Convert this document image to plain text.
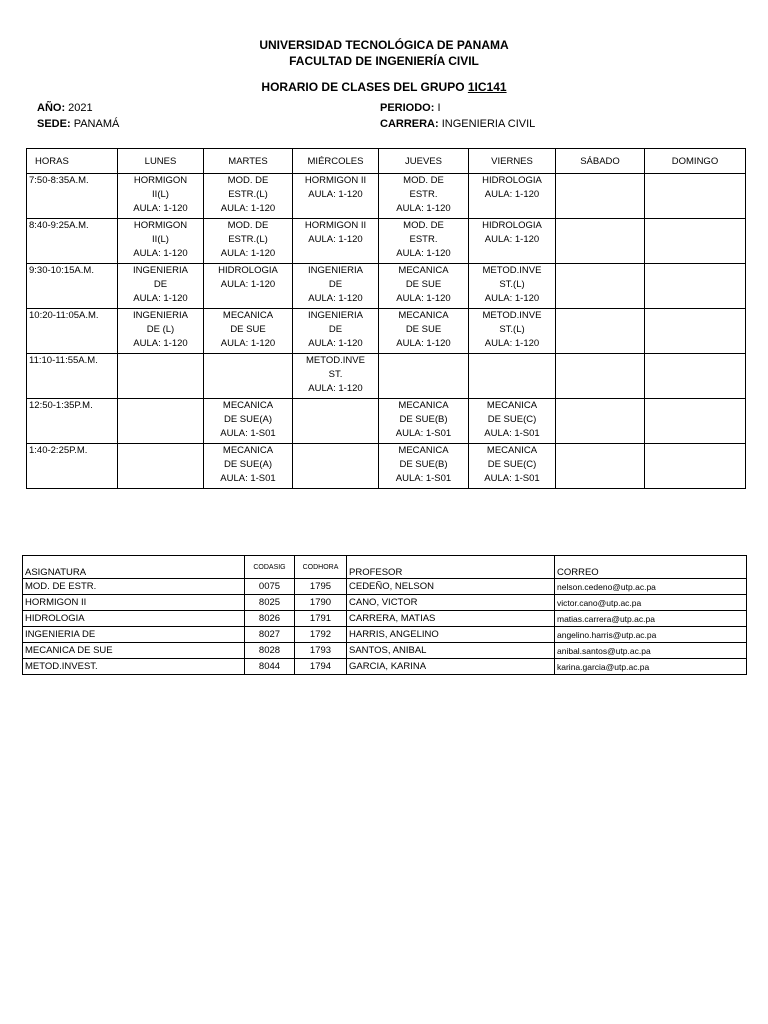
UNIVERSIDAD TECNOLÓGICA DE PANAMA
FACULTAD DE INGENIERÍA CIVIL
HORARIO DE CLASES DEL GRUPO 1IC141
AÑO: 2021
SEDE: PANAMÁ
PERIODO: I
CARRERA: INGENIERIA CIVIL
HORAS	LUNES	MARTES	MIÉRCOLES	JUEVES	VIERNES	SÁBADO	DOMINGO
7:50-8:35A.M.	HORMIGON
II(L)
AULA: 1-120	MOD. DE
ESTR.(L)
AULA: 1-120	HORMIGON II
AULA: 1-120	MOD. DE
ESTR.
AULA: 1-120	HIDROLOGIA
AULA: 1-120		

8:40-9:25A.M.	HORMIGON
II(L)
AULA: 1-120	MOD. DE
ESTR.(L)
AULA: 1-120	HORMIGON II
AULA: 1-120	MOD. DE
ESTR.
AULA: 1-120	HIDROLOGIA
AULA: 1-120		

9:30-10:15A.M.	INGENIERIA
DE
AULA: 1-120	HIDROLOGIA
AULA: 1-120	INGENIERIA
DE
AULA: 1-120	MECANICA
DE SUE
AULA: 1-120	METOD.INVE
ST.(L)
AULA: 1-120		

10:20-11:05A.M.	INGENIERIA
DE (L)
AULA: 1-120	MECANICA
DE SUE
AULA: 1-120	INGENIERIA
DE
AULA: 1-120	MECANICA
DE SUE
AULA: 1-120	METOD.INVE
ST.(L)
AULA: 1-120		

11:10-11:55A.M.			METOD.INVE
ST.
AULA: 1-120				

12:50-1:35P.M.		MECANICA
DE SUE(A)
AULA: 1-S01		MECANICA
DE SUE(B)
AULA: 1-S01	MECANICA
DE SUE(C)
AULA: 1-S01		

1:40-2:25P.M.		MECANICA
DE SUE(A)
AULA: 1-S01		MECANICA
DE SUE(B)
AULA: 1-S01	MECANICA
DE SUE(C)
AULA: 1-S01		

ASIGNATURA	CODASIG	CODHORA	PROFESOR	CORREO
MOD. DE ESTR.	0075	1795	CEDEÑO, NELSON	nelson.cedeno@utp.ac.pa
HORMIGON II	8025	1790	CANO, VICTOR	victor.cano@utp.ac.pa
HIDROLOGIA	8026	1791	CARRERA, MATIAS	matias.carrera@utp.ac.pa
INGENIERIA DE	8027	1792	HARRIS, ANGELINO	angelino.harris@utp.ac.pa
MECANICA DE SUE	8028	1793	SANTOS, ANIBAL	anibal.santos@utp.ac.pa
METOD.INVEST.	8044	1794	GARCIA, KARINA	karina.garcia@utp.ac.pa
